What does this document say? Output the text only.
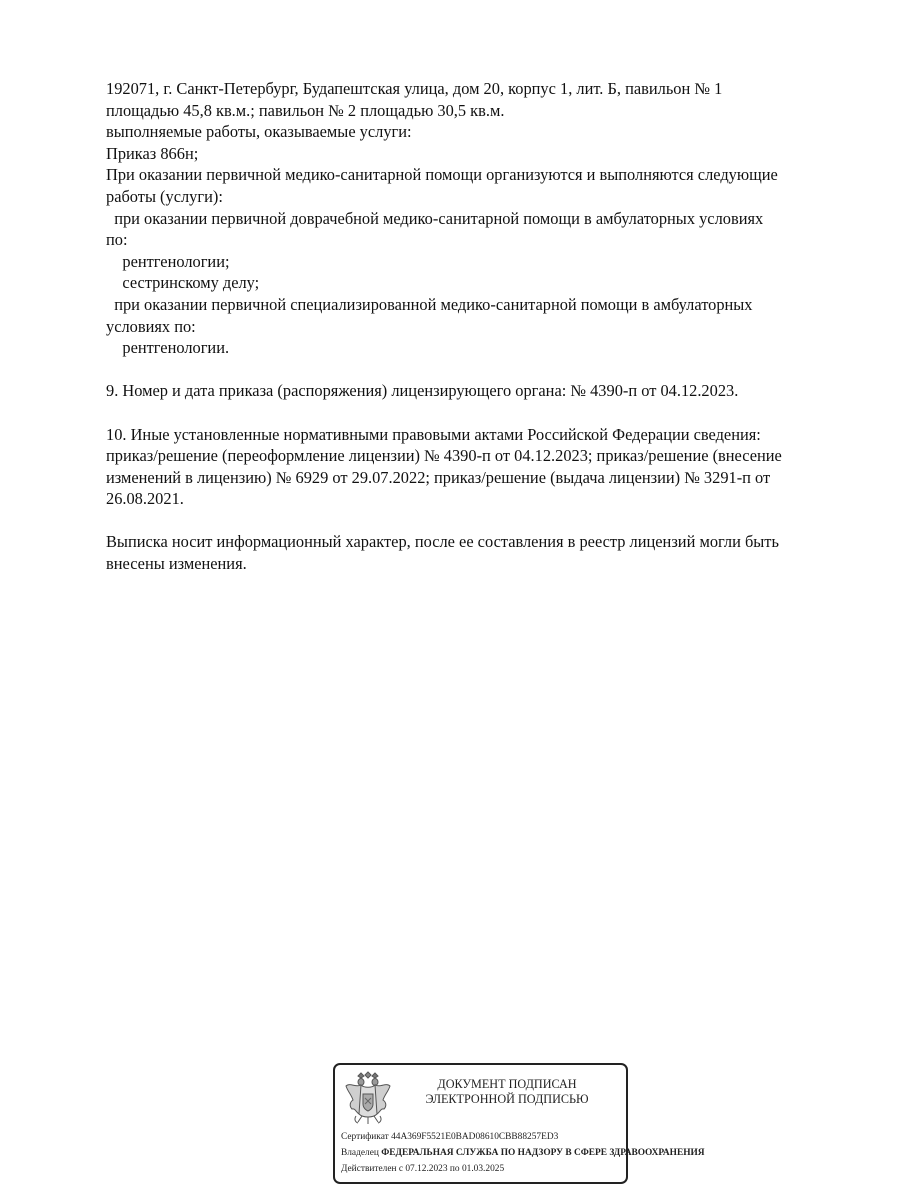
192071, г. Санкт-Петербург, Будапештская улица, дом 20, корпус 1, лит. Б, павильон № 1
площадью 45,8 кв.м.; павильон № 2 площадью 30,5 кв.м.
выполняемые работы, оказываемые услуги:
Приказ 866н;
При оказании первичной медико-санитарной помощи организуются и выполняются следующие
работы (услуги):
при оказании первичной доврачебной медико-санитарной помощи в амбулаторных условиях
по:
рентгенологии;
сестринскому делу;
при оказании первичной специализированной медико-санитарной помощи в амбулаторных
условиях по:
рентгенологии.
9. Номер и дата приказа (распоряжения) лицензирующего органа: № 4390-п от 04.12.2023.
10. Иные установленные нормативными правовыми актами Российской Федерации сведения:
приказ/решение (переоформление лицензии) № 4390-п от 04.12.2023; приказ/решение (внесение
изменений в лицензию) № 6929 от 29.07.2022; приказ/решение (выдача лицензии) № 3291-п от
26.08.2021.
Выписка носит информационный характер, после ее составления в реестр лицензий могли быть
внесены изменения.
ДОКУМЕНТ ПОДПИСАН
ЭЛЕКТРОННОЙ ПОДПИСЬЮ
Сертификат 44A369F5521E0BAD08610CBB88257ED3
Владелец ФЕДЕРАЛЬНАЯ СЛУЖБА ПО НАДЗОРУ В СФЕРЕ ЗДРАВООХРАНЕНИЯ
Действителен с 07.12.2023 по 01.03.2025
